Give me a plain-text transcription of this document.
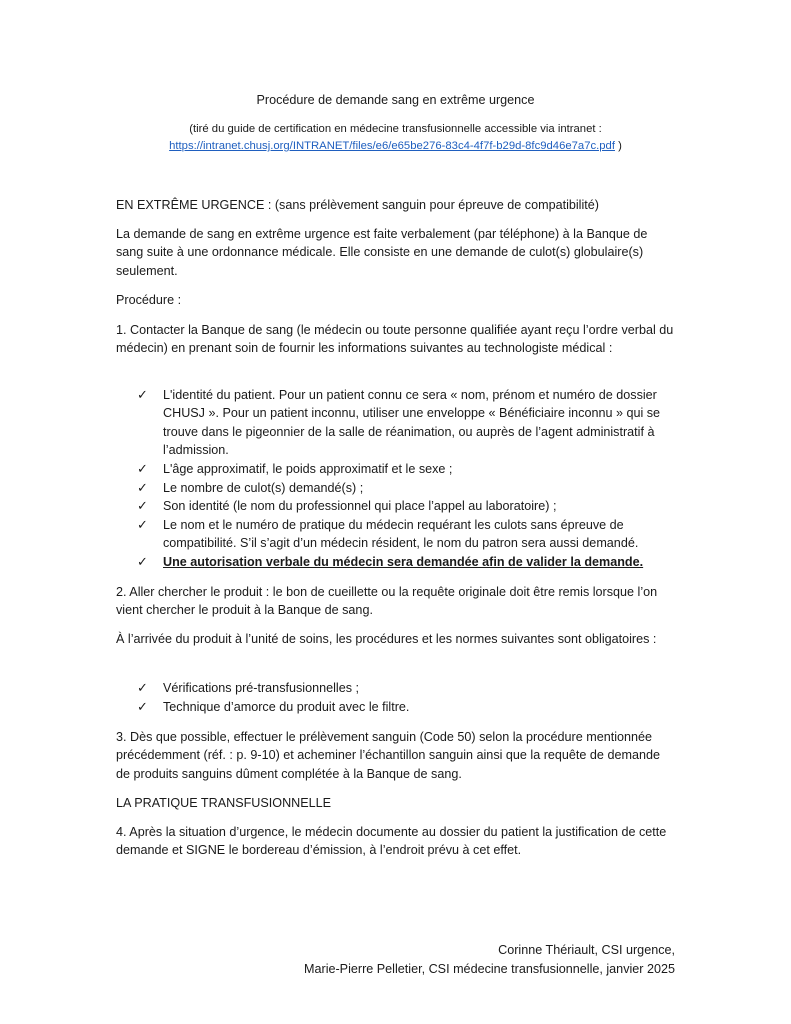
Procédure de demande sang en extrême urgence
(tiré du guide de certification en médecine transfusionnelle accessible via intranet :
https://intranet.chusj.org/INTRANET/files/e6/e65be276-83c4-4f7f-b29d-8fc9d46e7a7c.pdf )
EN EXTRÊME URGENCE : (sans prélèvement sanguin pour épreuve de compatibilité)
La demande de sang en extrême urgence est faite verbalement (par téléphone) à la Banque de sang suite à une ordonnance médicale. Elle consiste en une demande de culot(s) globulaire(s) seulement.
Procédure :
1. Contacter la Banque de sang (le médecin ou toute personne qualifiée ayant reçu l’ordre verbal du médecin) en prenant soin de fournir les informations suivantes au technologiste médical :
✓ L'identité du patient. Pour un patient connu ce sera « nom, prénom et numéro de dossier CHUSJ ». Pour un patient inconnu, utiliser une enveloppe « Bénéficiaire inconnu » qui se trouve dans le pigeonnier de la salle de réanimation, ou auprès de l’agent administratif à l’admission.
✓ L'âge approximatif, le poids approximatif et le sexe ;
✓ Le nombre de culot(s) demandé(s) ;
✓ Son identité (le nom du professionnel qui place l’appel au laboratoire) ;
✓ Le nom et le numéro de pratique du médecin requérant les culots sans épreuve de compatibilité. S’il s’agit d’un médecin résident, le nom du patron sera aussi demandé.
✓ Une autorisation verbale du médecin sera demandée afin de valider la demande.
2. Aller chercher le produit : le bon de cueillette ou la requête originale doit être remis lorsque l’on vient chercher le produit à la Banque de sang.
À l’arrivée du produit à l’unité de soins, les procédures et les normes suivantes sont obligatoires :
✓ Vérifications pré-transfusionnelles ;
✓ Technique d’amorce du produit avec le filtre.
3. Dès que possible, effectuer le prélèvement sanguin (Code 50) selon la procédure mentionnée précédemment (réf. : p. 9-10) et acheminer l’échantillon sanguin ainsi que la requête de demande de produits sanguins dûment complétée à la Banque de sang.
LA PRATIQUE TRANSFUSIONNELLE
4. Après la situation d’urgence, le médecin documente au dossier du patient la justification de cette demande et SIGNE le bordereau d’émission, à l’endroit prévu à cet effet.
Corinne Thériault, CSI urgence,
Marie-Pierre Pelletier, CSI médecine transfusionnelle, janvier 2025
